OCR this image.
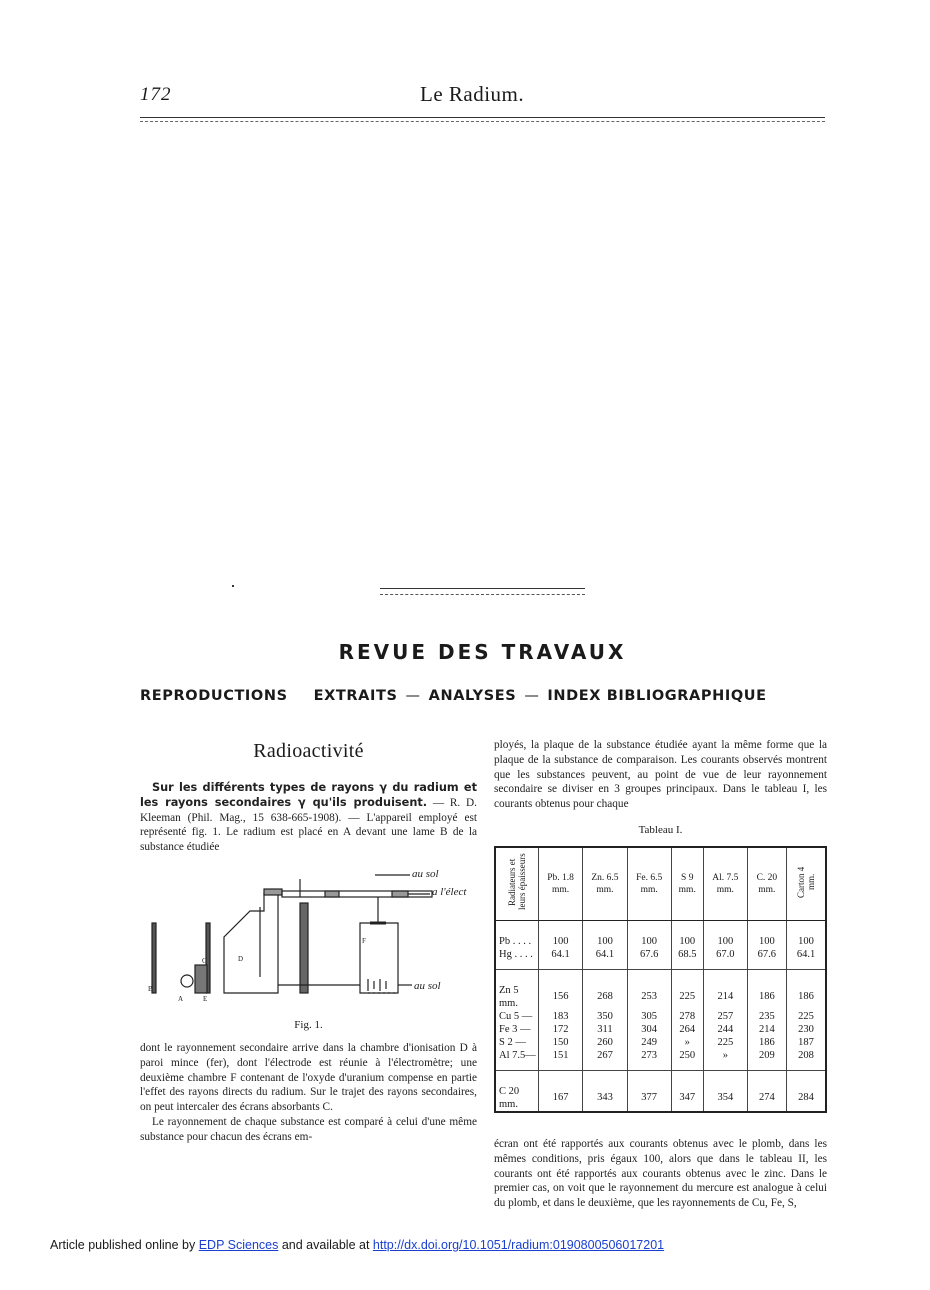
172	Le Radium.
REVUE DES TRAVAUX
REPRODUCTIONS EXTRAITS — ANALYSES — INDEX BIBLIOGRAPHIQUE
Radioactivité

Sur les différents types de rayons γ du radium et les rayons secondaires γ qu'ils produisent. — R. D. Kleeman (Phil. Mag., 15 638-665-1908). — L'appareil employé est représenté fig. 1. Le radium est placé en A devant une lame B de la substance étudiée

au sol
a l'élect
au sol
A	E
C	D
B
F
Fig. 1.

dont le rayonnement secondaire arrive dans la chambre d'ionisation D à paroi mince (fer), dont l'électrode est réunie à l'électromètre; une deuxième chambre F contenant de l'oxyde d'uranium compense en partie l'effet des rayons directs du radium. Sur le trajet des rayons secondaires, on peut intercaler des écrans absorbants C.

Le rayonnement de chaque substance est comparé à celui d'une même substance pour chacun des écrans em-

ployés, la plaque de la substance étudiée ayant la même forme que la plaque de la substance de comparaison. Les courants observés montrent que les substances peuvent, au point de vue de leur rayonnement secondaire se diviser en 3 groupes principaux. Dans le tableau I, les courants obtenus pour chaque

Tableau I.
Radiateurs et leurs épaisseurs	Pb. 1.8 mm.	Zn. 6.5 mm.	Fe. 6.5 mm.	S 9 mm.	Al. 7.5 mm.	C. 20 mm.	Carton 4 mm.
Pb . . . .	100	100	100	100	100	100	100
Hg . . . .	64.1	64.1	67.6	68.5	67.0	67.6	64.1
Zn 5 mm.	156	268	253	225	214	186	186
Cu 5 —	183	350	305	278	257	235	225
Fe 3 —	172	311	304	264	244	214	230
S 2 —	150	260	249	»	225	186	187
Al 7.5—	151	267	273	250	»	209	208
C 20 mm.	167	343	377	347	354	274	284

écran ont été rapportés aux courants obtenus avec le plomb, dans les mêmes conditions, pris égaux 100, alors que dans le tableau II, les courants ont été rapportés aux courants obtenus avec le zinc. Dans le premier cas, on voit que le rayonnement du mercure est analogue à celui du plomb, et dans le deuxième, que les rayonnements de Cu, Fe, S,

Article published online by EDP Sciences and available at http://dx.doi.org/10.1051/radium:0190800506017201
